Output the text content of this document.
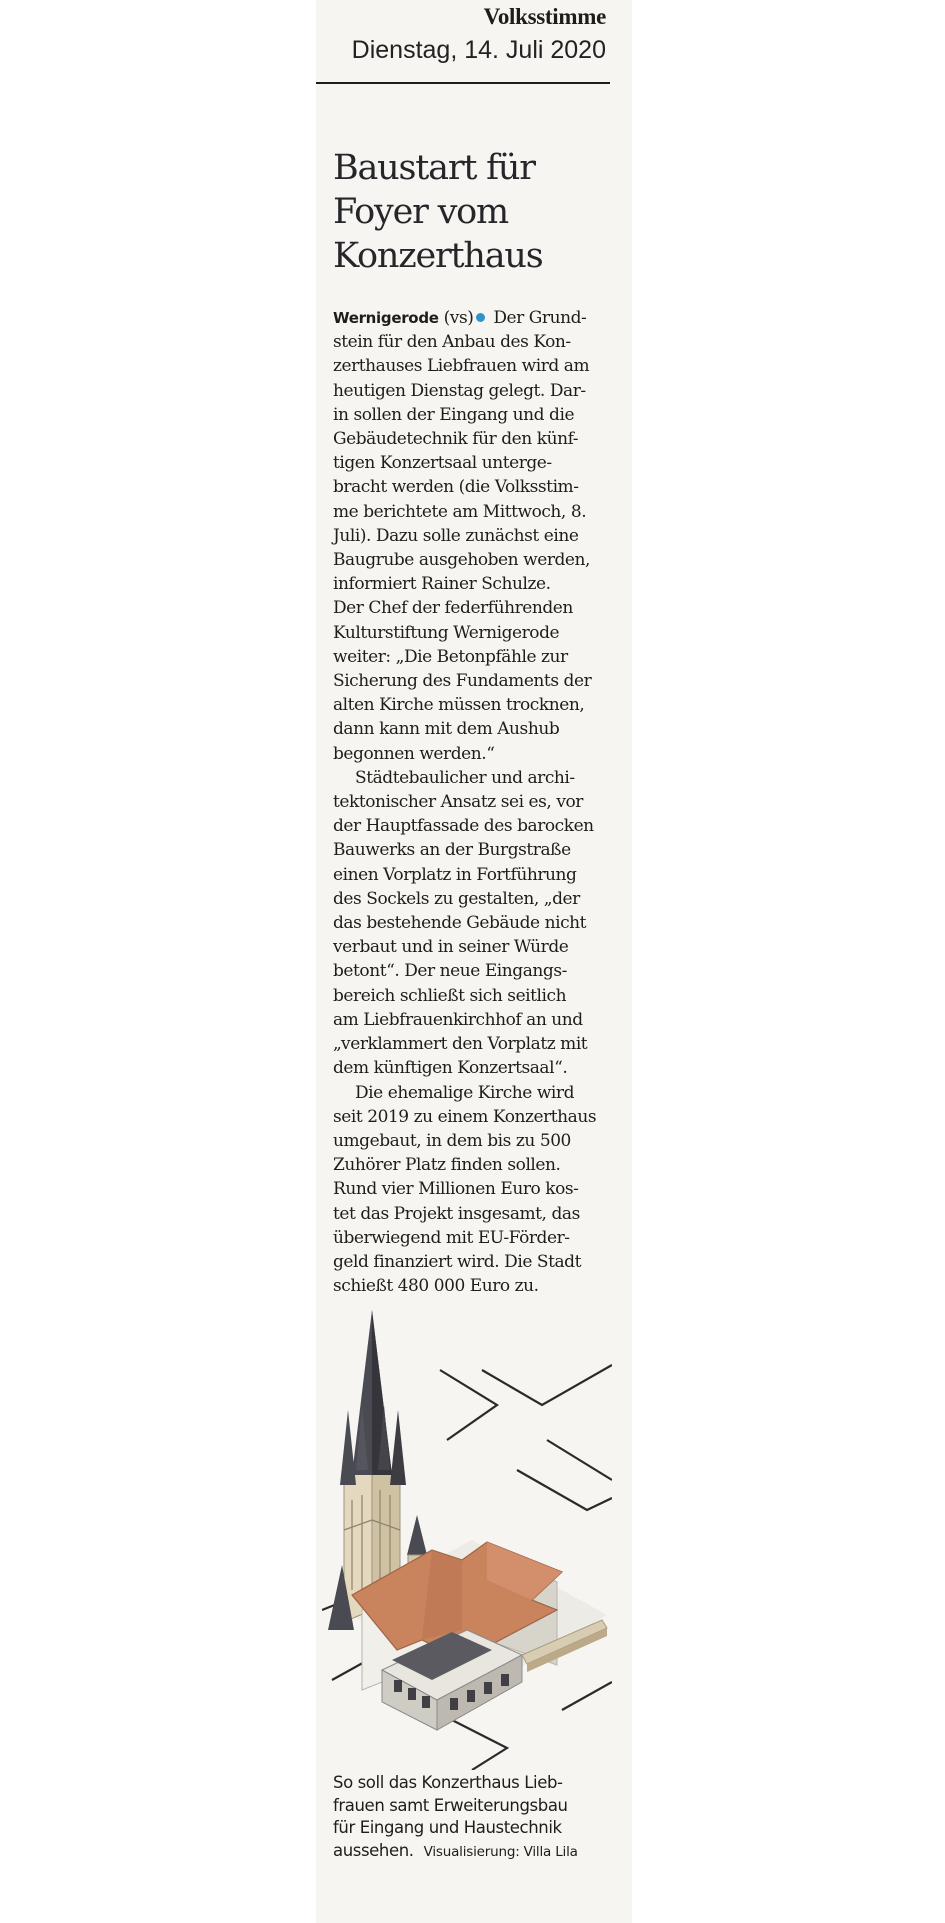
Volksstimme
Dienstag, 14. Juli 2020
Baustart für
Foyer vom
Konzerthaus
Wernigerode (vs) Der Grund-
stein für den Anbau des Kon-
zerthauses Liebfrauen wird am
heutigen Dienstag gelegt. Dar-
in sollen der Eingang und die
Gebäudetechnik für den künf-
tigen Konzertsaal unterge-
bracht werden (die Volksstim-
me berichtete am Mittwoch, 8.
Juli). Dazu solle zunächst eine
Baugrube ausgehoben werden,
informiert Rainer Schulze.
Der Chef der federführenden
Kulturstiftung Wernigerode
weiter: „Die Betonpfähle zur
Sicherung des Fundaments der
alten Kirche müssen trocknen,
dann kann mit dem Aushub
begonnen werden.“
Städtebaulicher und archi-
tektonischer Ansatz sei es, vor
der Hauptfassade des barocken
Bauwerks an der Burgstraße
einen Vorplatz in Fortführung
des Sockels zu gestalten, „der
das bestehende Gebäude nicht
verbaut und in seiner Würde
betont“. Der neue Eingangs-
bereich schließt sich seitlich
am Liebfrauenkirchhof an und
„verklammert den Vorplatz mit
dem künftigen Konzertsaal“.
Die ehemalige Kirche wird
seit 2019 zu einem Konzerthaus
umgebaut, in dem bis zu 500
Zuhörer Platz finden sollen.
Rund vier Millionen Euro kos-
tet das Projekt insgesamt, das
überwiegend mit EU-Förder-
geld finanziert wird. Die Stadt
schießt 480 000 Euro zu.
So soll das Konzerthaus Lieb-
frauen samt Erweiterungsbau
für Eingang und Haustechnik
aussehen. Visualisierung: Villa Lila
